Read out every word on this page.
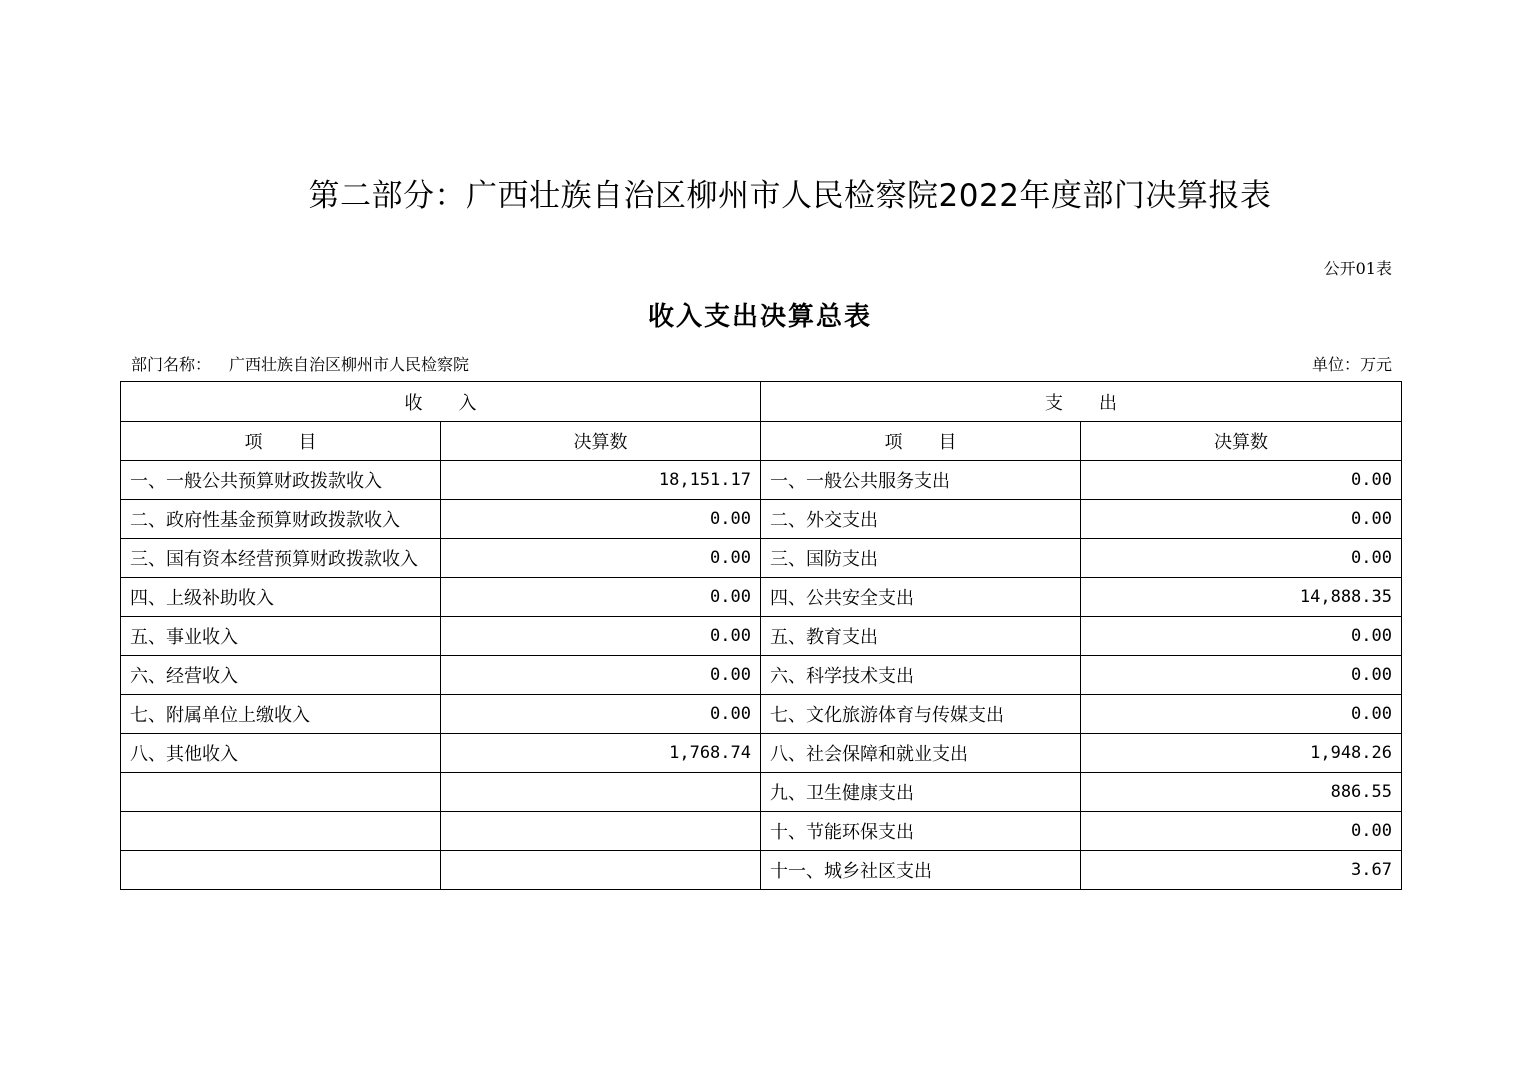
第二部分：广西壮族自治区柳州市人民检察院2022年度部门决算报表
公开01表
收入支出决算总表
部门名称： 广西壮族自治区柳州市人民检察院	单位：万元
收　　入		支　　出	
项　　目	决算数	项　　目	决算数
一、一般公共预算财政拨款收入	18,151.17	一、一般公共服务支出	0.00
二、政府性基金预算财政拨款收入	0.00	二、外交支出	0.00
三、国有资本经营预算财政拨款收入	0.00	三、国防支出	0.00
四、上级补助收入	0.00	四、公共安全支出	14,888.35
五、事业收入	0.00	五、教育支出	0.00
六、经营收入	0.00	六、科学技术支出	0.00
七、附属单位上缴收入	0.00	七、文化旅游体育与传媒支出	0.00
八、其他收入	1,768.74	八、社会保障和就业支出	1,948.26
		九、卫生健康支出	886.55
		十、节能环保支出	0.00
		十一、城乡社区支出	3.67
